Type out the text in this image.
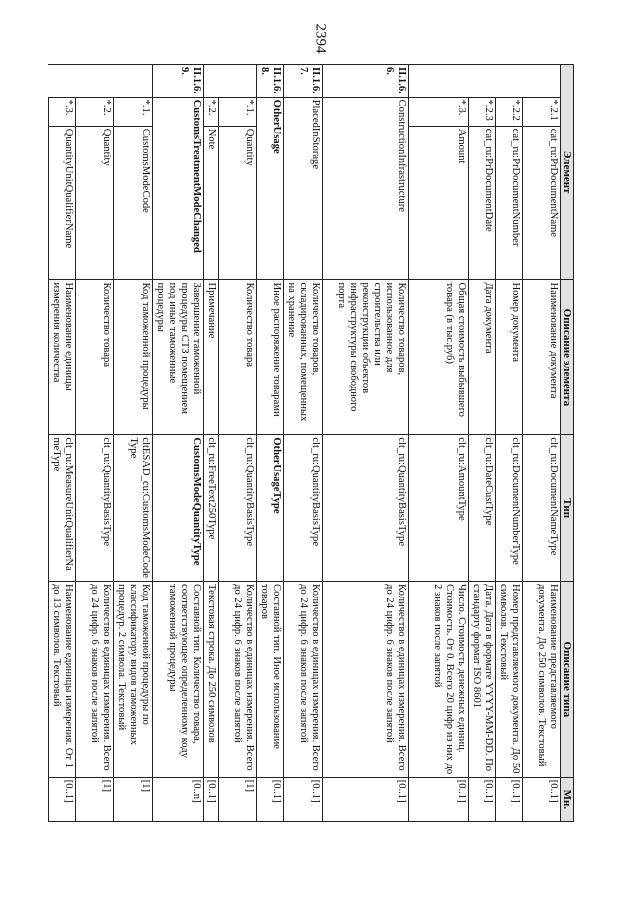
2394
Элемент			Описание элемента	Тип	Описание типа	Мн.
	*.2.1	cat_ru:PrDocumentName	Наименование документа	clt_ru:DocumentNameType	Наименование представляемого документа. До 250 символов. Текстовый	[0..1]
	*.2.2	cat_ru:PrDocumentNumber	Номер документа	clt_ru:DocumentNumberType	Номер представляемого документа. До 50 символов. Текстовый	[0..1]
	*.2.3	cat_ru:PrDocumentDate	Дата документа	clt_ru:DateCustType	Дата. Дата в формате YYYY-MM-DD. По стандарту формат ISO 8601	[0..1]
	*.3.	Amount	Общая стоимость выбывшего товара (в тыс.руб)	clt_ru:AmountType	Число. Стоимость денежных единиц. Стоимость. От 0. Всего 20 цифр из них до 2 знаков после запятой	[0..1]
II.1.6.6.	ConstructionInfrastructure		Количество товаров, использованное для строительства или реконструкции объектов инфраструктуры свободного порта	clt_ru:QuantityBasisType	Количество в единицах измерения. Всего до 24 цифр. 6 знаков после запятой	[0..1]
II.1.6.7.	PlacedInStorage		Количество товаров, складированных, помещенных на хранение	clt_ru:QuantityBasisType	Количество в единицах измерения. Всего до 24 цифр. 6 знаков после запятой	[0..1]
II.1.6.8.	OtherUsage		Иное распоряжение товарами	OtherUsageType	Составной тип. Иное использование товаров	[0..1]
	*.1.	Quantity	Количество товара	clt_ru:QuantityBasisType	Количество в единицах измерения. Всего до 24 цифр. 6 знаков после запятой	[1]
	*.2.	Note	Примечание	clt_ru:FreeText250Type	Текстовая строка. До 250 символов	[0..1]
II.1.6.9.	CustomsTreatmentModeChanged		Завершение таможенной процедуры СТЗ помещением под иные таможенные процедуры	CustomsModeQuantityType	Составной тип. Количество товара, соответствующее определенному коду таможенной процедуры	[0..n]
	*.1.	CustomsModeCode	Код таможенной процедуры	cltESAD_cu:CustomsModeCodeType	Код таможенной процедуры по классификатору видов таможенных процедур. 2 символа. Текстовый	[1]
	*.2.	Quantity	Количество товара	clt_ru:QuantityBasisType	Количество в единицах измерения. Всего до 24 цифр. 6 знаков после запятой	[1]
	*.3.	QuantityUnitQualifierName	Наименование единицы измерения количества	clt_ru:MeasureUnitQualifierNameType	Наименование единицы измерения. От 1 до 13 символов. Текстовый	[0..1]
